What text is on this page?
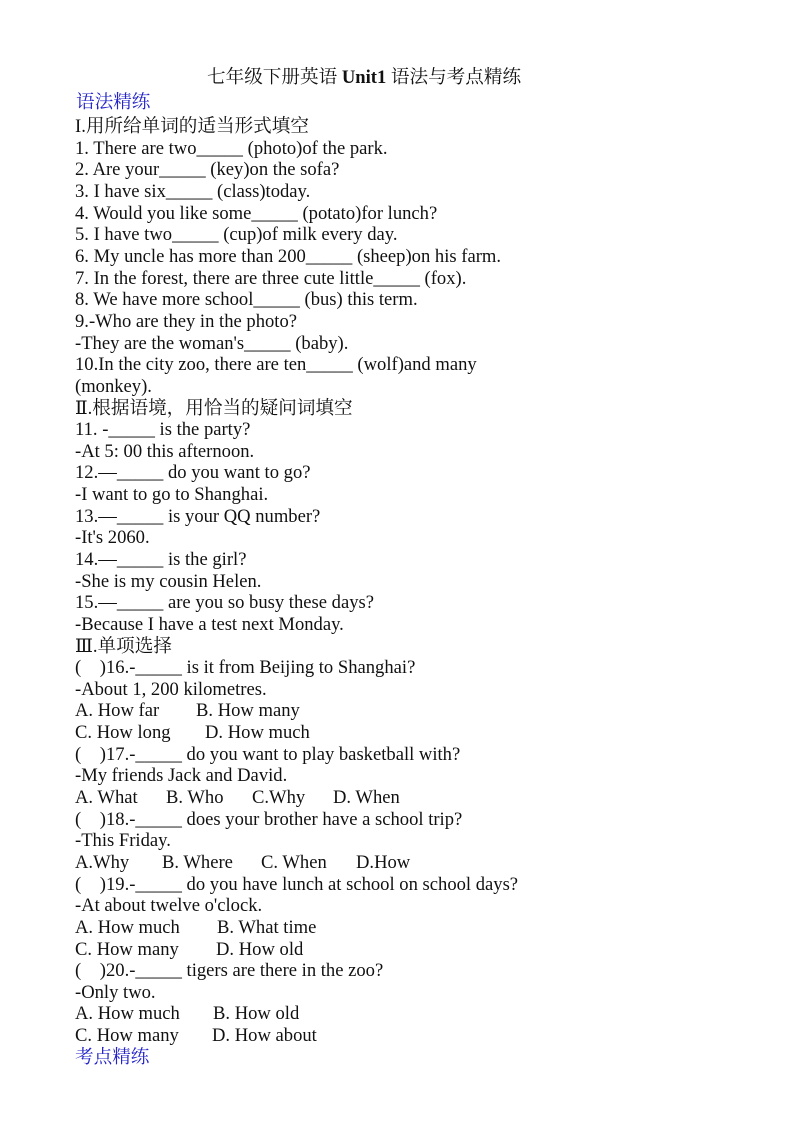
七年级下册英语 Unit1 语法与考点精练
语法精练
I.用所给单词的适当形式填空
1. There are two_____ (photo)of the park.
2. Are your_____ (key)on the sofa?
3. I have six_____ (class)today.
4. Would you like some_____ (potato)for lunch?
5. I have two_____ (cup)of milk every day.
6. My uncle has more than 200_____ (sheep)on his farm.
7. In the forest, there are three cute little_____ (fox).
8. We have more school_____ (bus) this term.
9.-Who are they in the photo?
-They are the woman's_____ (baby).
10.In the city zoo, there are ten_____ (wolf)and many
(monkey).
Ⅱ.根据语境，用恰当的疑问词填空
11. -_____ is the party?
-At 5: 00 this afternoon.
12.—_____ do you want to go?
-I want to go to Shanghai.
13.—_____ is your QQ number?
-It's 2060.
14.—_____ is the girl?
-She is my cousin Helen.
15.—_____ are you so busy these days?
-Because I have a test next Monday.
Ⅲ.单项选择
(    )16.-_____ is it from Beijing to Shanghai?
-About 1, 200 kilometres.
A. How far	B. How many
C. How long	D. How much
(    )17.-_____ do you want to play basketball with?
-My friends Jack and David.
A. What	B. Who	C.Why	D. When
(    )18.-_____ does your brother have a school trip?
-This Friday.
A.Why	B. Where	C. When	D.How
(    )19.-_____ do you have lunch at school on school days?
-At about twelve o'clock.
A. How much	B. What time
C. How many	D. How old
(    )20.-_____ tigers are there in the zoo?
-Only two.
A. How much	B. How old
C. How many	D. How about
考点精练
